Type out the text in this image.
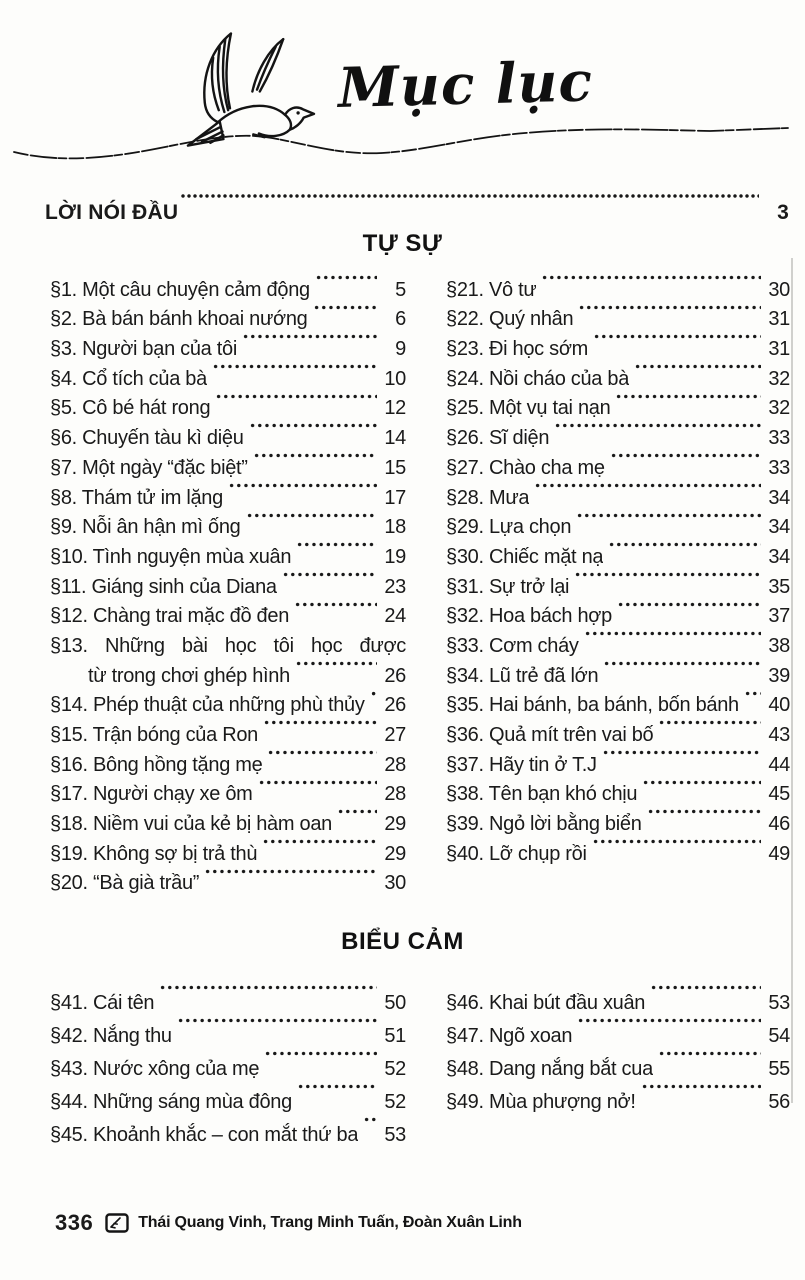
Mục lục
LỜI NÓI ĐẦU	3
TỰ SỰ
§1. Một câu chuyện cảm động	5
§2. Bà bán bánh khoai nướng	6
§3. Người bạn của tôi	9
§4. Cổ tích của bà	10
§5. Cô bé hát rong	12
§6. Chuyến tàu kì diệu	14
§7. Một ngày “đặc biệt”	15
§8. Thám tử im lặng	17
§9. Nỗi ân hận mì ống	18
§10. Tình nguyện mùa xuân	19
§11. Giáng sinh của Diana	23
§12. Chàng trai mặc đồ đen	24
§13. Những bài học tôi học được
từ trong chơi ghép hình	26
§14. Phép thuật của những phù thủy 26
§15. Trận bóng của Ron	27
§16. Bông hồng tặng mẹ	28
§17. Người chạy xe ôm	28
§18. Niềm vui của kẻ bị hàm oan	29
§19. Không sợ bị trả thù	29
§20. “Bà già trầu”	30
§21. Vô tư	30
§22. Quý nhân	31
§23. Đi học sớm	31
§24. Nồi cháo của bà	32
§25. Một vụ tai nạn	32
§26. Sĩ diện	33
§27. Chào cha mẹ	33
§28. Mưa	34
§29. Lựa chọn	34
§30. Chiếc mặt nạ	34
§31. Sự trở lại	35
§32. Hoa bách hợp	37
§33. Cơm cháy	38
§34. Lũ trẻ đã lớn	39
§35. Hai bánh, ba bánh, bốn bánh 40
§36. Quả mít trên vai bố	43
§37. Hãy tin ở T.J	44
§38. Tên bạn khó chịu	45
§39. Ngỏ lời bằng biển	46
§40. Lỡ chụp rồi	49
BIỂU CẢM
§41. Cái tên	50
§42. Nắng thu	51
§43. Nước xông của mẹ	52
§44. Những sáng mùa đông	52
§45. Khoảnh khắc – con mắt thứ ba 53
§46. Khai bút đầu xuân	53
§47. Ngõ xoan	54
§48. Dang nắng bắt cua	55
§49. Mùa phượng nở!	56
336	Thái Quang Vinh, Trang Minh Tuấn, Đoàn Xuân Linh
